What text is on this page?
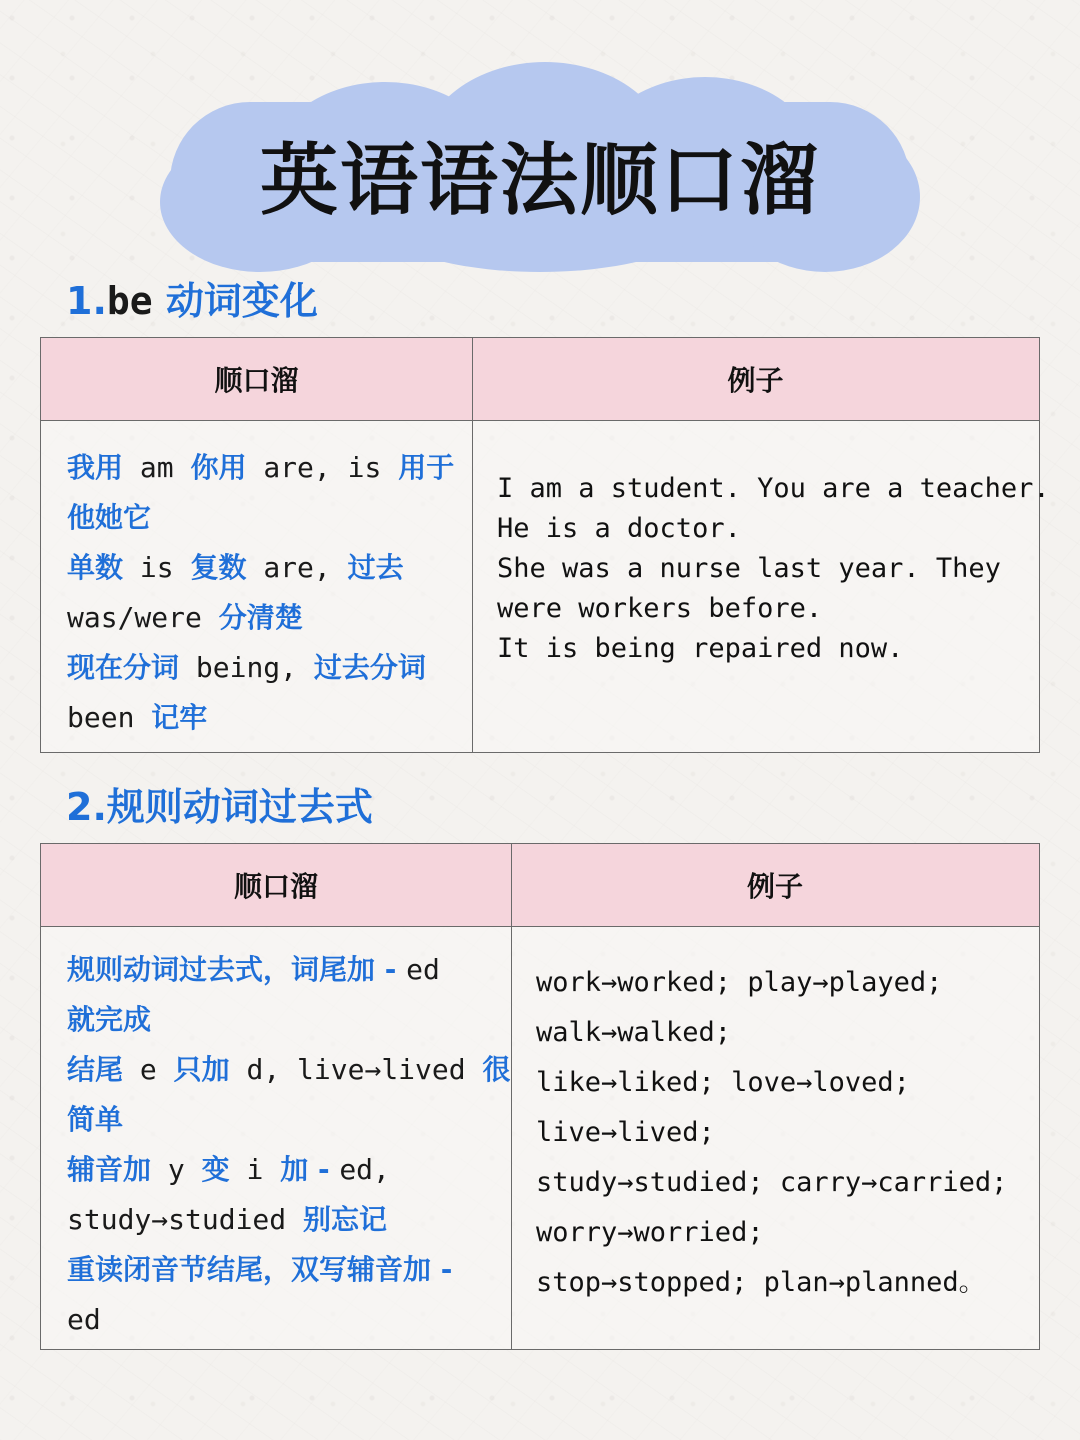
英语语法顺口溜
1.be 动词变化
顺口溜	例子
我用 am 你用 are, is 用于
他她它
单数 is 复数 are, 过去
was/were 分清楚
现在分词 being, 过去分词
been 记牢
I am a student. You are a teacher.
He is a doctor.
She was a nurse last year. They
were workers before.
It is being repaired now.
2.规则动词过去式
顺口溜	例子
规则动词过去式，词尾加 - ed
就完成
结尾 e 只加 d, live→lived 很
简单
辅音加 y 变 i 加 - ed,
study→studied 别忘记
重读闭音节结尾，双写辅音加 -
ed
work→worked; play→played;
walk→walked;
like→liked; love→loved;
live→lived;
study→studied; carry→carried;
worry→worried;
stop→stopped; plan→planned。
